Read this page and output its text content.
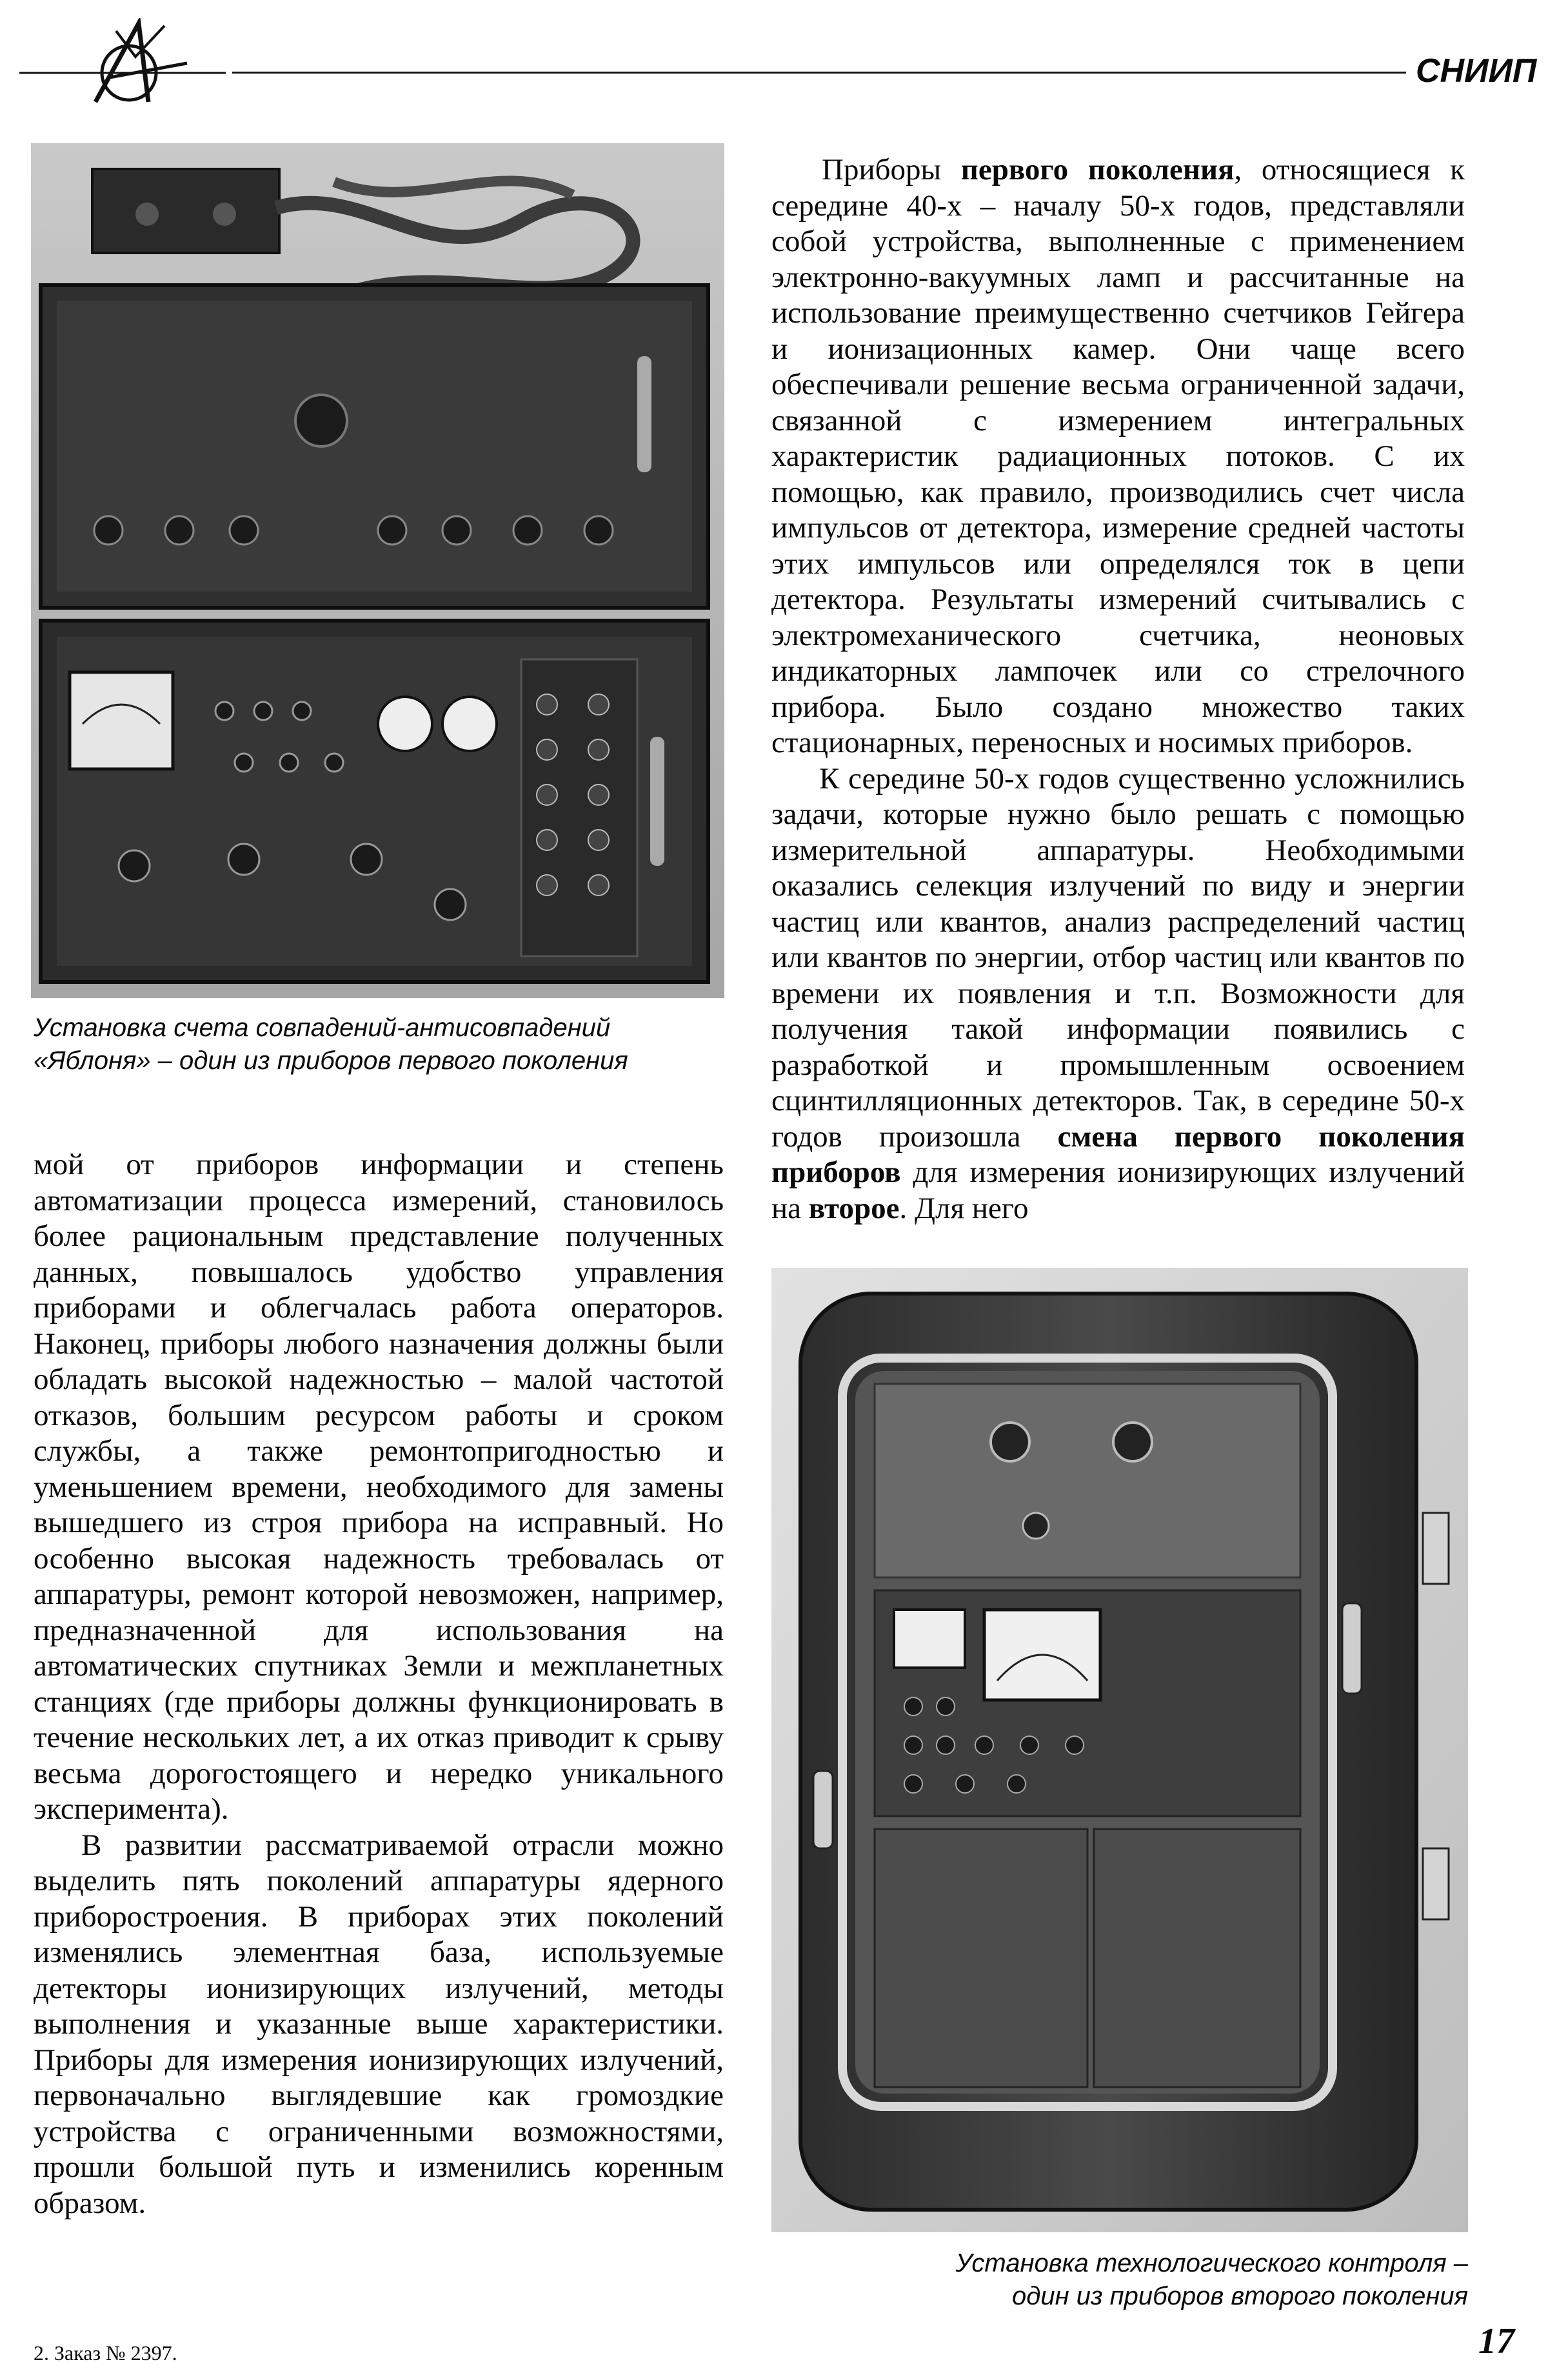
СНИИП
Установка счета совпадений-антисовпадений
«Яблоня» – один из приборов первого поколения

Приборы первого поколения, относящиеся к середине 40-х – началу 50-х годов, представляли собой устройства, выполненные с применением электронно-вакуумных ламп и рассчитанные на использование преимущественно счетчиков Гейгера и ионизационных камер. Они чаще всего обеспечивали решение весьма ограниченной задачи, связанной с измерением интегральных характеристик радиационных потоков. С их помощью, как правило, производились счет числа импульсов от детектора, измерение средней частоты этих импульсов или определялся ток в цепи детектора. Результаты измерений считывались с электромеханического счетчика, неоновых индикаторных лампочек или со стрелочного прибора. Было создано множество таких стационарных, переносных и носимых приборов.

К середине 50-х годов существенно усложнились задачи, которые нужно было решать с помощью измерительной аппаратуры. Необходимыми оказались селекция излучений по виду и энергии частиц или квантов, анализ распределений частиц или квантов по энергии, отбор частиц или квантов по времени их появления и т.п. Возможности для получения такой информации появились с разработкой и промышленным освоением сцинтилляционных детекторов. Так, в середине 50-х годов произошла смена первого поколения приборов для измерения ионизирующих излучений на второе. Для него

мой от приборов информации и степень автоматизации процесса измерений, становилось более рациональным представление полученных данных, повышалось удобство управления приборами и облегчалась работа операторов. Наконец, приборы любого назначения должны были обладать высокой надежностью – малой частотой отказов, большим ресурсом работы и сроком службы, а также ремонтопригодностью и уменьшением времени, необходимого для замены вышедшего из строя прибора на исправный. Но особенно высокая надежность требовалась от аппаратуры, ремонт которой невозможен, например, предназначенной для использования на автоматических спутниках Земли и межпланетных станциях (где приборы должны функционировать в течение нескольких лет, а их отказ приводит к срыву весьма дорогостоящего и нередко уникального эксперимента).

В развитии рассматриваемой отрасли можно выделить пять поколений аппаратуры ядерного приборостроения. В приборах этих поколений изменялись элементная база, используемые детекторы ионизирующих излучений, методы выполнения и указанные выше характеристики. Приборы для измерения ионизирующих излучений, первоначально выглядевшие как громоздкие устройства с ограниченными возможностями, прошли большой путь и изменились коренным образом.

Установка технологического контроля –
один из приборов второго поколения
2. Заказ № 2397.	17
